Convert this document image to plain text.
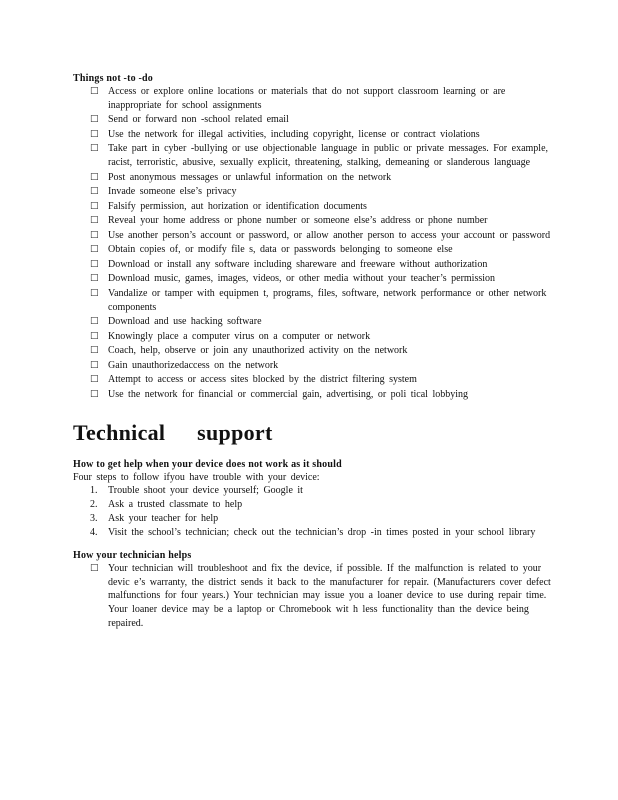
Things not -to -do

□ Access or explore online locations or materials that do not support classroom learning or are inappropriate for school assignments
□ Send or forward non -school related email
□ Use the network for illegal activities, including copyright, license or contract violations
□ Take part in cyber -bullying or use objectionable language in public or private messages. For example, racist, terroristic, abusive, sexually explicit, threatening, stalking, demeaning or slanderous language
□ Post anonymous messages or unlawful information on the network
□ Invade someone else’s privacy
□ Falsify permission, aut horization or identification documents
□ Reveal your home address or phone number or someone else’s address or phone number
□ Use another person’s account or password, or allow another person to access your account or password
□ Obtain copies of, or modify file s, data or passwords belonging to someone else
□ Download or install any software including shareware and freeware without authorization
□ Download music, games, images, videos, or other media without your teacher’s permission
□ Vandalize or tamper with equipmen t, programs, files, software, network performance or other network components
□ Download and use hacking software
□ Knowingly place a computer virus on a computer or network
□ Coach, help, observe or join any unauthorized activity on the network
□ Gain unauthorizedaccess on the network
□ Attempt to access or access sites blocked by the district filtering system
□ Use the network for financial or commercial gain, advertising, or poli tical lobbying
Technical support

How to get help when your device does not work as it should

Four steps to follow ifyou have trouble with your device:

1. Trouble shoot your device yourself; Google it
2. Ask a trusted classmate to help
3. Ask your teacher for help
4. Visit the school’s technician; check out the technician’s drop -in times posted in your school library

How your technician helps

□ Your technician will troubleshoot and fix the device, if possible. If the malfunction is related to your devic e’s warranty, the district sends it back to the manufacturer for repair. (Manufacturers cover defect malfunctions for four years.) Your technician may issue you a loaner device to use during repair time. Your loaner device may be a laptop or Chromebook wit h less functionality than the device being repaired.
